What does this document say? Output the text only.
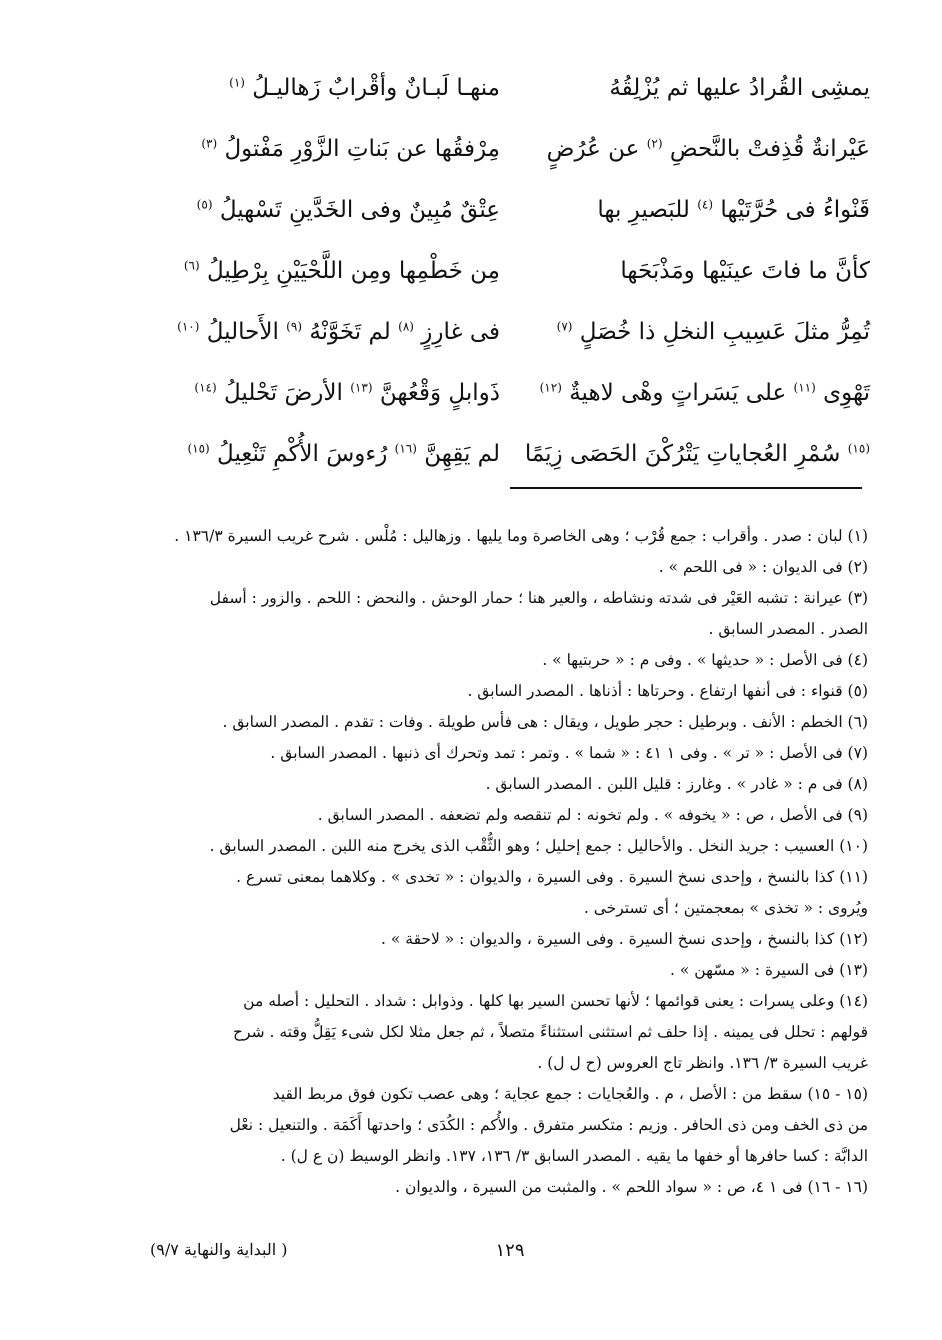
يمشِى القُرادُ عليها ثم يُزْلِقُهُ
منهـا لَبـانٌ وأقْرابٌ زَهاليـلُ $^{(١)}$
عَيْرانةٌ قُذِفتْ بالنَّحضِ $^{(٢)}$ عن عُرُضٍ
مِرْفقُها عن بَناتِ الزَّوْرِ مَفْتولُ $^{(٣)}$
قَنْواءُ فى حُرَّتَيْها $^{(٤)}$ للبَصيرِ بها
عِتْقٌ مُبِينٌ وفى الخَدَّينِ تَسْهيلُ $^{(٥)}$
كأنَّ ما فاتَ عينَيْها ومَذْبَحَها
مِن خَطْمِها ومِن اللَّحْيَيْنِ بِرْطِيلُ $^{(٦)}$
تُمِرُّ مثلَ عَسِيبِ النخلِ ذا خُصَلٍ $^{(٧)}$
فى غارِزٍ $^{(٨)}$ لم تَخَوَّنْهُ $^{(٩)}$ الأَحاليلُ $^{(١٠)}$
تَهْوِى $^{(١١)}$ على يَسَراتٍ وهْى لاهيةٌ $^{(١٢)}$
ذَوابلٍ وَقْعُهنَّ $^{(١٣)}$ الأرضَ تَحْليلُ $^{(١٤)}$
$^{(١٥)}$ سُمْرِ العُجاياتِ يَتْرُكْنَ الحَصَى زِيَمًا
لم يَقِهِنَّ $^{(١٦)}$ رُءوسَ الأُكْمِ تَنْعِيلُ $^{(١٥)}$
(١) لبان : صدر . وأقراب : جمع قُرْب ؛ وهى الخاصرة وما يليها . وزهاليل : مُلْس . شرح غريب السيرة ١٣٦/٣ .
(٢) فى الديوان : « فى اللحم » .
(٣) عيرانة : تشبه العَيْر فى شدته ونشاطه ، والعير هنا ؛ حمار الوحش . والنحض : اللحم . والزور : أسفل
الصدر . المصدر السابق .
(٤) فى الأصل : « حديثها » . وفى م : « حربتيها » .
(٥) قنواء : فى أنفها ارتفاع . وحرتاها : أذناها . المصدر السابق .
(٦) الخطم : الأنف . وبرطيل : حجر طويل ، ويقال : هى فأس طويلة . وفات : تقدم . المصدر السابق .
(٧) فى الأصل : « تر » . وفى ١ ٤١ : « شما » . وتمر : تمد وتحرك أى ذنبها . المصدر السابق .
(٨) فى م : « غادر » . وغارز : قليل اللبن . المصدر السابق .
(٩) فى الأصل ، ص : « يخوفه » . ولم تخونه : لم تنقصه ولم تضعفه . المصدر السابق .
(١٠) العسيب : جريد النخل . والأحاليل : جمع إحليل ؛ وهو الثُّقْب الذى يخرج منه اللبن . المصدر السابق .
(١١) كذا بالنسخ ، وإحدى نسخ السيرة . وفى السيرة ، والديوان : « تخدى » . وكلاهما بمعنى تسرع .
ويُروى : « تخذى » بمعجمتين ؛ أى تسترخى .
(١٢) كذا بالنسخ ، وإحدى نسخ السيرة . وفى السيرة ، والديوان : « لاحقة » .
(١٣) فى السيرة : « مسّهن » .
(١٤) وعلى يسرات : يعنى قوائمها ؛ لأنها تحسن السير بها كلها . وذوابل : شداد . التحليل : أصله من
قولهم : تحلل فى يمينه . إذا حلف ثم استثنى استثناءً متصلاً ، ثم جعل مثلا لكل شىء يَقِلُّ وقته . شرح
غريب السيرة ٣/ ١٣٦. وانظر تاج العروس (ح ل ل) .
(١٥ - ١٥) سقط من : الأصل ، م . والعُجايات : جمع عجاية ؛ وهى عصب تكون فوق مربط القيد
من ذى الخف ومن ذى الحافر . وزيم : متكسر متفرق . والأُكم : الكُدَى ؛ واحدتها أَكَمَة . والتنعيل : نعْل
الدابَّة : كسا حافرها أو خفها ما يقيه . المصدر السابق ٣/ ١٣٦، ١٣٧. وانظر الوسيط (ن ع ل) .
(١٦ - ١٦) فى ١ ٤، ص : « سواد اللحم » . والمثبت من السيرة ، والديوان .
١٢٩
( البداية والنهاية ٩/٧)
